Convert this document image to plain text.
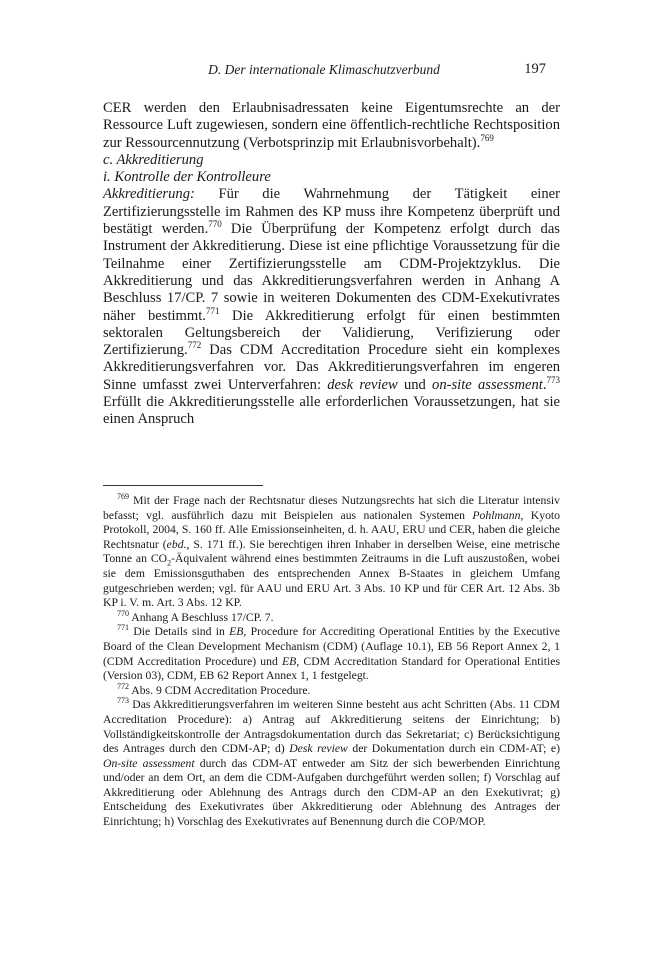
D. Der internationale Klimaschutzverbund	197

CER werden den Erlaubnisadressaten keine Eigentumsrechte an der Ressource Luft zugewiesen, sondern eine öffentlich-rechtliche Rechtsposition zur Ressourcennutzung (Verbotsprinzip mit Erlaubnisvorbehalt).$^{769}$

c. Akkreditierung

i. Kontrolle der Kontrolleure

Akkreditierung: Für die Wahrnehmung der Tätigkeit einer Zertifizierungsstelle im Rahmen des KP muss ihre Kompetenz überprüft und bestätigt werden.$^{770}$ Die Überprüfung der Kompetenz erfolgt durch das Instrument der Akkreditierung. Diese ist eine pflichtige Voraussetzung für die Teilnahme einer Zertifizierungsstelle am CDM-Projektzyklus. Die Akkreditierung und das Akkreditierungsverfahren werden in Anhang A Beschluss 17/CP. 7 sowie in weiteren Dokumenten des CDM-Exekutivrates näher bestimmt.$^{771}$ Die Akkreditierung erfolgt für einen bestimmten sektoralen Geltungsbereich der Validierung, Verifizierung oder Zertifizierung.$^{772}$ Das CDM Accreditation Procedure sieht ein komplexes Akkreditierungsverfahren vor. Das Akkreditierungsverfahren im engeren Sinne umfasst zwei Unterverfahren: desk review und on-site assessment.$^{773}$ Erfüllt die Akkreditierungsstelle alle erforderlichen Voraussetzungen, hat sie einen Anspruch

$^{769}$ Mit der Frage nach der Rechtsnatur dieses Nutzungsrechts hat sich die Literatur intensiv befasst; vgl. ausführlich dazu mit Beispielen aus nationalen Systemen Pohlmann, Kyoto Protokoll, 2004, S. 160 ff. Alle Emissionseinheiten, d. h. AAU, ERU und CER, haben die gleiche Rechtsnatur (ebd., S. 171 ff.). Sie berechtigen ihren Inhaber in derselben Weise, eine metrische Tonne an $CO_2$-Äquivalent während eines bestimmten Zeitraums in die Luft auszustoßen, wobei sie dem Emissionsguthaben des entsprechenden Annex B-Staates in gleichem Umfang gutgeschrieben werden; vgl. für AAU und ERU Art. 3 Abs. 10 KP und für CER Art. 12 Abs. 3b KP i. V. m. Art. 3 Abs. 12 KP.

$^{770}$ Anhang A Beschluss 17/CP. 7.

$^{771}$ Die Details sind in EB, Procedure for Accrediting Operational Entities by the Executive Board of the Clean Development Mechanism (CDM) (Auflage 10.1), EB 56 Report Annex 2, 1 (CDM Accreditation Procedure) und EB, CDM Accreditation Standard for Operational Entities (Version 03), CDM, EB 62 Report Annex 1, 1 festgelegt.

$^{772}$ Abs. 9 CDM Accreditation Procedure.

$^{773}$ Das Akkreditierungsverfahren im weiteren Sinne besteht aus acht Schritten (Abs. 11 CDM Accreditation Procedure): a) Antrag auf Akkreditierung seitens der Einrichtung; b) Vollständigkeitskontrolle der Antragsdokumentation durch das Sekretariat; c) Berücksichtigung des Antrages durch den CDM-AP; d) Desk review der Dokumentation durch ein CDM-AT; e) On-site assessment durch das CDM-AT entweder am Sitz der sich bewerbenden Einrichtung und/oder an dem Ort, an dem die CDM-Aufgaben durchgeführt werden sollen; f) Vorschlag auf Akkreditierung oder Ablehnung des Antrags durch den CDM-AP an den Exekutivrat; g) Entscheidung des Exekutivrates über Akkreditierung oder Ablehnung des Antrages der Einrichtung; h) Vorschlag des Exekutivrates auf Benennung durch die COP/MOP.
